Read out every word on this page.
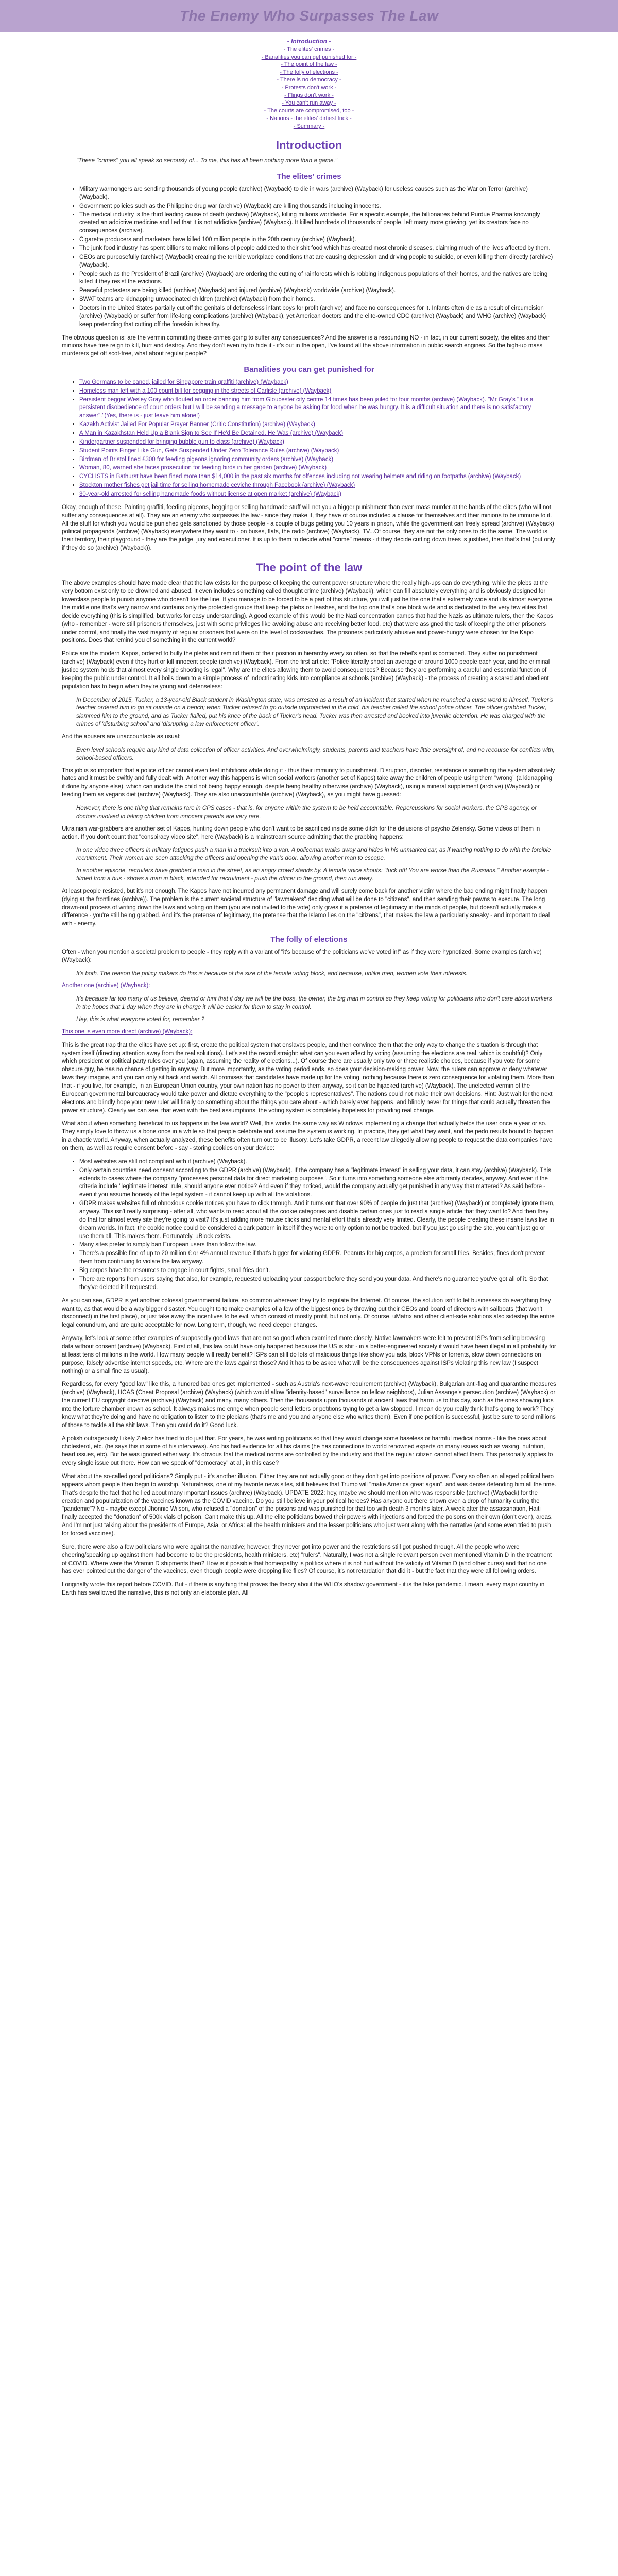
The Enemy Who Surpasses The Law
- Introduction -
- The elites' crimes -
- Banalities you can get punished for -
- The point of the law -
- The folly of elections -
- There is no democracy -
- Protests don't work -
- Flings don't work -
- You can't run away -
- The courts are compromised, too -
- Nations - the elites' dirtiest trick -
- Summary -
Introduction

"These "crimes" you all speak so seriously of... To me, this has all been nothing more than a game."

The elites' crimes
• Military warmongers are sending thousands of young people (archive) (Wayback) to die in wars (archive) (Wayback) for useless causes such as the War on Terror (archive) (Wayback).
• Government policies such as the Philippine drug war (archive) (Wayback) are killing thousands including innocents.
• The medical industry is the third leading cause of death (archive) (Wayback), killing millions worldwide. For a specific example, the billionaires behind Purdue Pharma knowingly created an addictive medicine and lied that it is not addictive (archive) (Wayback). It killed hundreds of thousands of people, left many more grieving, yet its creators face no consequences (archive).
• Cigarette producers and marketers have killed 100 million people in the 20th century (archive) (Wayback).
• The junk food industry has spent billions to make millions of people addicted to their shit food which has created most chronic diseases, claiming much of the lives affected by them.
• CEOs are purposefully (archive) (Wayback) creating the terrible workplace conditions that are causing depression and driving people to suicide, or even killing them directly (archive) (Wayback).
• People such as the President of Brazil (archive) (Wayback) are ordering the cutting of rainforests which is robbing indigenous populations of their homes, and the natives are being killed if they resist the evictions.
• Peaceful protesters are being killed (archive) (Wayback) and injured (archive) (Wayback) worldwide (archive) (Wayback).
• SWAT teams are kidnapping unvaccinated children (archive) (Wayback) from their homes.
• Doctors in the United States partially cut off the genitals of defenseless infant boys for profit (archive) and face no consequences for it. Infants often die as a result of circumcision (archive) (Wayback) or suffer from life-long complications (archive) (Wayback), yet American doctors and the elite-owned CDC (archive) (Wayback) and WHO (archive) (Wayback) keep pretending that cutting off the foreskin is healthy.

The obvious question is: are the vermin committing these crimes going to suffer any consequences? And the answer is a resounding NO - in fact, in our current society, the elites and their minions have free reign to kill, hurt and destroy. And they don't even try to hide it - it's out in the open, I've found all the above information in public search engines. So the high-up mass murderers get off scot-free, what about regular people?

Banalities you can get punished for
• Two Germans to be caned, jailed for Singapore train graffiti (archive) (Wayback)
• Homeless man left with a 100 count bill for begging in the streets of Carlisle (archive) (Wayback)
• Persistent beggar Wesley Gray who flouted an order banning him from Gloucester city centre 14 times has been jailed for four months (archive) (Wayback). "Mr Gray's "It is a persistent disobedience of court orders but I will be sending a message to anyone be asking for food when he was hungry. It is a difficult situation and there is no satisfactory answer"."(Yes, there is - just leave him alone!)
• Kazakh Activist Jailed For Popular Prayer Banner (Critic Constitution) (archive) (Wayback)
• A Man in Kazakhstan Held Up a Blank Sign to See If He'd Be Detained. He Was (archive) (Wayback)
• Kindergartner suspended for bringing bubble gun to class (archive) (Wayback)
• Student Points Finger Like Gun, Gets Suspended Under Zero Tolerance Rules (archive) (Wayback)
• Birdman of Bristol fined £300 for feeding pigeons ignoring community orders (archive) (Wayback)
• Woman, 80, warned she faces prosecution for feeding birds in her garden (archive) (Wayback)
• CYCLISTS in Bathurst have been fined more than $14,000 in the past six months for offences including not wearing helmets and riding on footpaths (archive) (Wayback)
• Stockton mother fishes get jail time for selling homemade ceviche through Facebook (archive) (Wayback)
• 30-year-old arrested for selling handmade foods without license at open market (archive) (Wayback)

Okay, enough of these. Painting graffiti, feeding pigeons, begging or selling handmade stuff will net you a bigger punishment than even mass murder at the hands of the elites (who will not suffer any consequences at all). They are an enemy who surpasses the law - since they make it, they have of course included a clause for themselves and their minions to be immune to it. All the stuff for which you would be punished gets sanctioned by those people - a couple of bugs getting you 10 years in prison, while the government can freely spread (archive) (Wayback) political propaganda (archive) (Wayback) everywhere they want to - on buses, flats, the radio (archive) (Wayback), TV...Of course, they are not the only ones to do the same. The world is their territory, their playground - they are the judge, jury and executioner. It is up to them to decide what "crime" means - if they decide cutting down trees is justified, then that's that (but only if they do so (archive) (Wayback)).

The point of the law

The above examples should have made clear that the law exists for the purpose of keeping the current power structure where the really high-ups can do everything, while the plebs at the very bottom exist only to be drowned and abused. It even includes something called thought crime (archive) (Wayback), which can fill absolutely everything and is obviously designed for lowerclass people to punish anyone who doesn't toe the line. If you manage to be forced to be a part of this structure, you will just be the one that's extremely wide and ills almost everyone, the middle one that's very narrow and contains only the protected groups that keep the plebs on leashes, and the top one that's one block wide and is dedicated to the very few elites that decide everything (this is simplified, but works for easy understanding). A good example of this would be the Nazi concentration camps that had the Nazis as ultimate rulers, then the Kapos (who - remember - were still prisoners themselves, just with some privileges like avoiding abuse and receiving better food, etc) that were assigned the task of keeping the other prisoners under control, and finally the vast majority of regular prisoners that were on the level of cockroaches. The prisoners particularly abusive and power-hungry were chosen for the Kapo positions. Does that remind you of something in the current world?

Police are the modern Kapos, ordered to bully the plebs and remind them of their position in hierarchy every so often, so that the rebel's spirit is contained. They suffer no punishment (archive) (Wayback) even if they hurt or kill innocent people (archive) (Wayback). From the first article: "Police literally shoot an average of around 1000 people each year, and the criminal justice system holds that almost every single shooting is legal". Why are the elites allowing them to avoid consequences? Because they are performing a careful and essential function of keeping the public under control. It all boils down to a simple process of indoctrinating kids into compliance at schools (archive) (Wayback) - the process of creating a scared and obedient population has to begin when they're young and defenseless:

In December of 2015, Tucker, a 13-year-old Black student in Washington state, was arrested as a result of an incident that started when he munched a curse word to himself. Tucker's teacher ordered him to go sit outside on a bench; when Tucker refused to go outside unprotected in the cold, his teacher called the school police officer. The officer grabbed Tucker, slammed him to the ground, and as Tucker flailed, put his knee of the back of Tucker's head. Tucker was then arrested and booked into juvenile detention. He was charged with the crimes of 'disturbing school' and 'disrupting a law enforcement officer'.

And the abusers are unaccountable as usual:

Even level schools require any kind of data collection of officer activities. And overwhelmingly, students, parents and teachers have little oversight of, and no recourse for conflicts with, school-based officers.

This job is so important that a police officer cannot even feel inhibitions while doing it - thus their immunity to punishment. Disruption, disorder, resistance is something the system absolutely hates and it must be swiftly and fully dealt with. Another way this happens is when social workers (another set of Kapos) take away the children of people using them "wrong" (a kidnapping if done by anyone else), which can include the child not being happy enough, despite being healthy otherwise (archive) (Wayback), using a mineral supplement (archive) (Wayback) or feeding them as vegans diet (archive) (Wayback). They are also unaccountable (archive) (Wayback), as you might have guessed:

However, there is one thing that remains rare in CPS cases - that is, for anyone within the system to be held accountable. Repercussions for social workers, the CPS agency, or doctors involved in taking children from innocent parents are very rare.

Ukrainian war-grabbers are another set of Kapos, hunting down people who don't want to be sacrificed inside some ditch for the delusions of psycho Zelensky. Some videos of them in action. If you don't count that "conspiracy video site", here (Wayback) is a mainstream source admitting that the grabbing happens:

In one video three officers in military fatigues push a man in a tracksuit into a van. A policeman walks away and hides in his unmarked car, as if wanting nothing to do with the forcible recruitment. Their women are seen attacking the officers and opening the van's door, allowing another man to escape.

In another episode, recruiters have grabbed a man in the street, as an angry crowd stands by. A female voice shouts: "fuck off! You are worse than the Russians." Another example - filmed from a bus - shows a man in black, intended for recruitment - push the officer to the ground, then run away.

At least people resisted, but it's not enough. The Kapos have not incurred any permanent damage and will surely come back for another victim where the bad ending might finally happen (dying at the frontlines (archive)). The problem is the current societal structure of "lawmakers" deciding what will be done to "citizens", and then sending their pawns to execute. The long drawn-out process of writing down the laws and voting on them (you are not invited to the vote) only gives it a pretense of legitimacy in the minds of people, but doesn't actually make a difference - you're still being grabbed. And it's the pretense of legitimacy, the pretense that the Islamo lies on the "citizens", that makes the law a particularly sneaky - and important to deal with - enemy.

The folly of elections

Often - when you mention a societal problem to people - they reply with a variant of "it's because of the politicians we've voted in!" as if they were hypnotized. Some examples (archive) (Wayback):

It's both. The reason the policy makers do this is because of the size of the female voting block, and because, unlike men, women vote their interests.

Another one (archive) (Wayback):

It's because far too many of us believe, deemd or hint that if day we will be the boss, the owner, the big man in control so they keep voting for politicians who don't care about workers in the hopes that 1 day when they are in charge it will be easier for them to stay in control.

Hey, this is what everyone voted for, remember ?

This one is even more direct (archive) (Wayback):

This is the great trap that the elites have set up: first, create the political system that enslaves people, and then convince them that the only way to change the situation is through that system itself (directing attention away from the real solutions). Let's set the record straight: what can you even affect by voting (assuming the elections are real, which is doubtful)? Only which president or political party rules over you (again, assuming the reality of elections...). Of course there are usually only two or three realistic choices, because if you vote for some obscure guy, he has no chance of getting in anyway. But more importantly, as the voting period ends, so does your decision-making power. Now, the rulers can approve or deny whatever laws they imagine, and you can only sit back and watch. All promises that candidates have made up for the voting, nothing because there is zero consequence for violating them. More than that - if you live, for example, in an European Union country, your own nation has no power to them anyway, so it can be hijacked (archive) (Wayback). The unelected vermin of the European governmental bureaucracy would take power and dictate everything to the "people's representatives". The nations could not make their own decisions. Hint: Just wait for the next elections and blindly hope your new ruler will finally do something about the things you care about - which barely ever happens, and blindly never for things that could actually threaten the power structure). Clearly we can see, that even with the best assumptions, the voting system is completely hopeless for providing real change.

What about when something beneficial to us happens in the law world? Well, this works the same way as Windows implementing a change that actually helps the user once a year or so. They simply love to throw us a bone once in a while so that people celebrate and assume the system is working. In practice, they get what they want, and the pedo results bound to happen in a chaotic world. Anyway, when actually analyzed, these benefits often turn out to be illusory. Let's take GDPR, a recent law allegedly allowing people to request the data companies have on them, as well as require consent before - say - storing cookies on your device:

• Most websites are still not compliant with it (archive) (Wayback).
• Only certain countries need consent according to the GDPR (archive) (Wayback). If the company has a "legitimate interest" in selling your data, it can stay (archive) (Wayback). This extends to cases where the company "processes personal data for direct marketing purposes". So it turns into something someone else arbitrarily decides, anyway. And even if the criteria include "legitimate interest" rule, should anyone ever notice? And even if they noticed, would the company actually get punished in any way that mattered? As said before - even if you assume honesty of the legal system - it cannot keep up with all the violations.
• GDPR makes websites full of obnoxious cookie notices you have to click through. And it turns out that over 90% of people do just that (archive) (Wayback) or completely ignore them, anyway. This isn't really surprising - after all, who wants to read about all the cookie categories and disable certain ones just to read a single article that they want to? And then they do that for almost every site they're going to visit? It's just adding more mouse clicks and mental effort that's already very limited. Clearly, the people creating these insane laws live in dream worlds. In fact, the cookie notice could be considered a dark pattern in itself if they were to only option to not be tracked, but if you just go using the site, you can't just go or use them all. This makes them. Fortunately, uBlock exists.
• Many sites prefer to simply ban European users than follow the law.
• There's a possible fine of up to 20 million € or 4% annual revenue if that's bigger for violating GDPR. Peanuts for big corpos, a problem for small fries. Besides, fines don't prevent them from continuing to violate the law anyway.
• Big corpos have the resources to engage in court fights, small fries don't.
• There are reports from users saying that also, for example, requested uploading your passport before they send you your data. And there's no guarantee you've got all of it. So that they've deleted it if requested.

As you can see, GDPR is yet another colossal governmental failure, so common wherever they try to regulate the Internet. Of course, the solution isn't to let businesses do everything they want to, as that would be a way bigger disaster. You ought to to make examples of a few of the biggest ones by throwing out their CEOs and board of directors with sailboats (that won't disconnect) in the first place), or just take away the incentives to be evil, which consist of mostly profit, but not only. Of course, uMatrix and other client-side solutions also sidestep the entire legal conundrum, and are quite acceptable for now. Long term, though, we need deeper changes.

Anyway, let's look at some other examples of supposedly good laws that are not so good when examined more closely. Native lawmakers were felt to prevent ISPs from selling browsing data without consent (archive) (Wayback). First of all, this law could have only happened because the US is shit - in a better-engineered society it would have been illegal in all probability for at least tens of millions in the world. How many people will really benefit? ISPs can still do lots of malicious things like show you ads, block VPNs or torrents, slow down connections on purpose, falsely advertise internet speeds, etc. Where are the laws against those? And it has to be asked what will be the consequences against ISPs violating this new law (I suspect nothing) or a small fine as usual).

Regardless, for every "good law" like this, a hundred bad ones get implemented - such as Austria's next-wave requirement (archive) (Wayback), Bulgarian anti-flag and quarantine measures (archive) (Wayback), UCAS (Cheat Proposal (archive) (Wayback) (which would allow "identity-based" surveillance on fellow neighbors), Julian Assange's persecution (archive) (Wayback) or the current EU copyright directive (archive) (Wayback) and many, many others. Then the thousands upon thousands of ancient laws that harm us to this day, such as the ones showing kids into the torture chamber known as school. It always makes me cringe when people send letters or petitions trying to get a law stopped. I mean do you really think that's going to work? They know what they're doing and have no obligation to listen to the plebians (that's me and you and anyone else who writes them). Even if one petition is successful, just be sure to send millions of those to tackle all the shit laws. Then you could do it? Good luck.

A polish outrageously Likely Zielicz has tried to do just that. For years, he was writing politicians so that they would change some baseless or harmful medical norms - like the ones about cholesterol, etc. (he says this in some of his interviews). And his had evidence for all his claims (he has connections to world renowned experts on many issues such as vaxing, nutrition, heart issues, etc). But he was ignored either way. It's obvious that the medical norms are controlled by the industry and that the regular citizen cannot affect them. This personally applies to every single issue out there. How can we speak of "democracy" at all, in this case?

What about the so-called good politicians? Simply put - it's another illusion. Either they are not actually good or they don't get into positions of power. Every so often an alleged political hero appears whom people then begin to worship. Naturalness, one of my favorite news sites, still believes that Trump will "make America great again", and was dense defending him all the time. That's despite the fact that he lied about many important issues (archive) (Wayback). UPDATE 2022: hey, maybe we should mention who was responsible (archive) (Wayback) for the creation and popularization of the vaccines known as the COVID vaccine. Do you still believe in your political heroes? Has anyone out there shown even a drop of humanity during the "pandemic"? No - maybe except Jhonnie Wilson, who refused a "donation" of the poisons and was punished for that too with death 3 months later. A week after the assassination, Haiti finally accepted the "donation" of 500k vials of poison. Can't make this up. All the elite politicians bowed their powers with injections and forced the poisons on their own (don't even), areas. And I'm not just talking about the presidents of Europe, Asia, or Africa: all the health ministers and the lesser politicians who just went along with the narrative (and some even tried to push for forced vaccines).

Sure, there were also a few politicians who were against the narrative; however, they never got into power and the restrictions still got pushed through. All the people who were cheering/speaking up against them had become to be the presidents, health ministers, etc) "rulers". Naturally, I was not a single relevant person even mentioned Vitamin D in the treatment of COVID. Where were the Vitamin D shipments then? How is it possible that homeopathy is politics where it is not hurt without the validity of Vitamin D (and other cures) and that no one has ever pointed out the danger of the vaccines, even though people were dropping like flies? Of course, it's not retardation that did it - but the fact that they were all following orders.

I originally wrote this report before COVID. But - if there is anything that proves the theory about the WHO's shadow government - it is the fake pandemic. I mean, every major country in Earth has swallowed the narrative, this is not only an elaborate plan. All
